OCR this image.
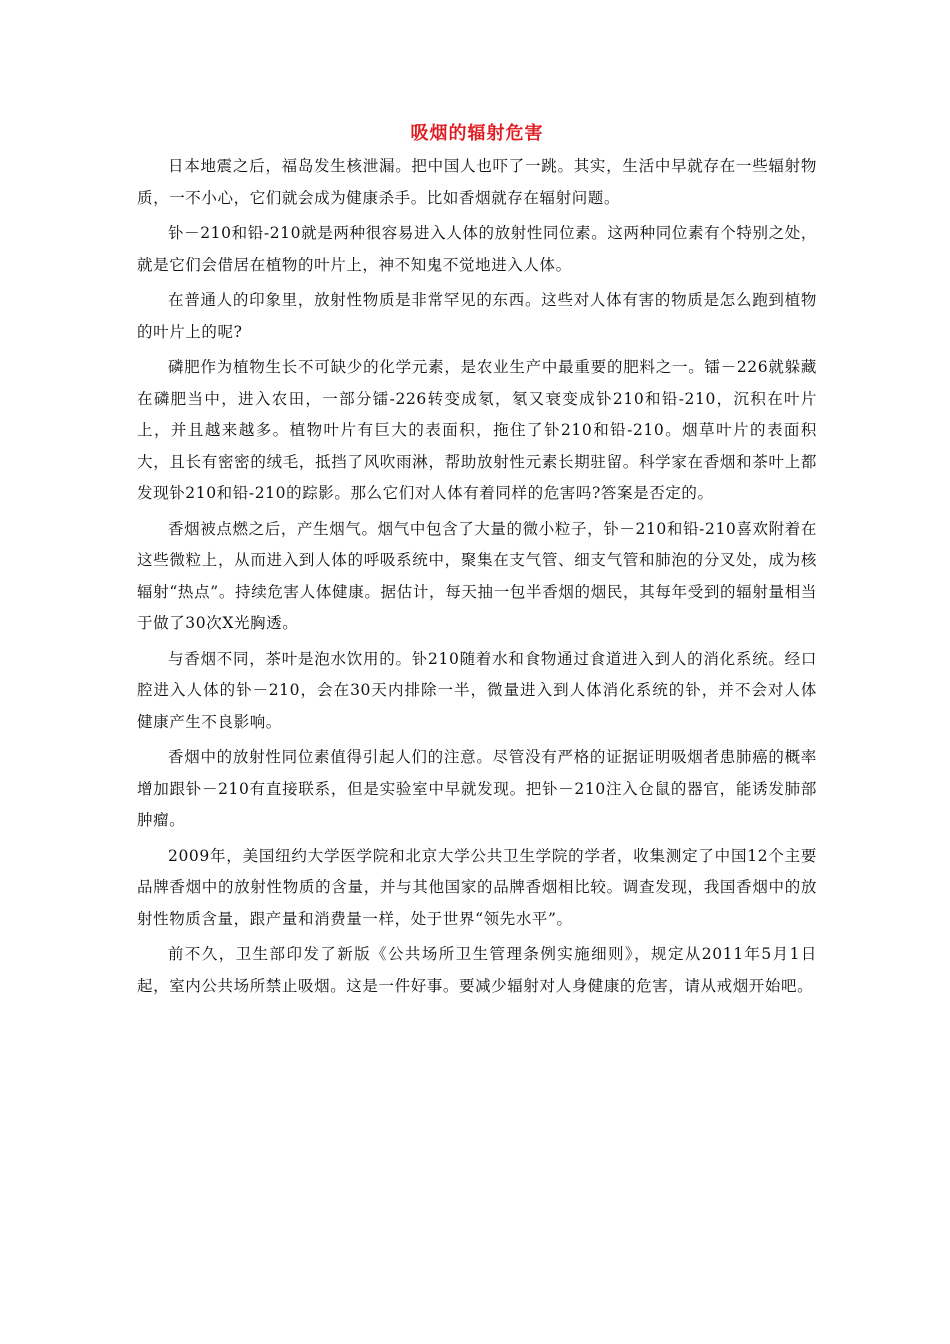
吸烟的辐射危害

日本地震之后，福岛发生核泄漏。把中国人也吓了一跳。其实，生活中早就存在一些辐射物质，一不小心，它们就会成为健康杀手。比如香烟就存在辐射问题。

钋－210和铅-210就是两种很容易进入人体的放射性同位素。这两种同位素有个特别之处，就是它们会借居在植物的叶片上，神不知鬼不觉地进入人体。

在普通人的印象里，放射性物质是非常罕见的东西。这些对人体有害的物质是怎么跑到植物的叶片上的呢?

磷肥作为植物生长不可缺少的化学元素，是农业生产中最重要的肥料之一。镭－226就躲藏在磷肥当中，进入农田，一部分镭-226转变成氡，氡又衰变成钋210和铅-210，沉积在叶片上，并且越来越多。植物叶片有巨大的表面积，拖住了钋210和铅-210。烟草叶片的表面积大，且长有密密的绒毛，抵挡了风吹雨淋，帮助放射性元素长期驻留。科学家在香烟和茶叶上都发现钋210和铅-210的踪影。那么它们对人体有着同样的危害吗?答案是否定的。

香烟被点燃之后，产生烟气。烟气中包含了大量的微小粒子，钋－210和铅-210喜欢附着在这些微粒上，从而进入到人体的呼吸系统中，聚集在支气管、细支气管和肺泡的分叉处，成为核辐射“热点”。持续危害人体健康。据估计，每天抽一包半香烟的烟民，其每年受到的辐射量相当于做了30次X光胸透。

与香烟不同，茶叶是泡水饮用的。钋210随着水和食物通过食道进入到人的消化系统。经口腔进入人体的钋－210，会在30天内排除一半，微量进入到人体消化系统的钋，并不会对人体健康产生不良影响。

香烟中的放射性同位素值得引起人们的注意。尽管没有严格的证据证明吸烟者患肺癌的概率增加跟钋－210有直接联系，但是实验室中早就发现。把钋－210注入仓鼠的器官，能诱发肺部肿瘤。

2009年，美国纽约大学医学院和北京大学公共卫生学院的学者，收集测定了中国12个主要品牌香烟中的放射性物质的含量，并与其他国家的品牌香烟相比较。调查发现，我国香烟中的放射性物质含量，跟产量和消费量一样，处于世界“领先水平”。

前不久，卫生部印发了新版《公共场所卫生管理条例实施细则》，规定从2011年5月1日起，室内公共场所禁止吸烟。这是一件好事。要减少辐射对人身健康的危害，请从戒烟开始吧。
